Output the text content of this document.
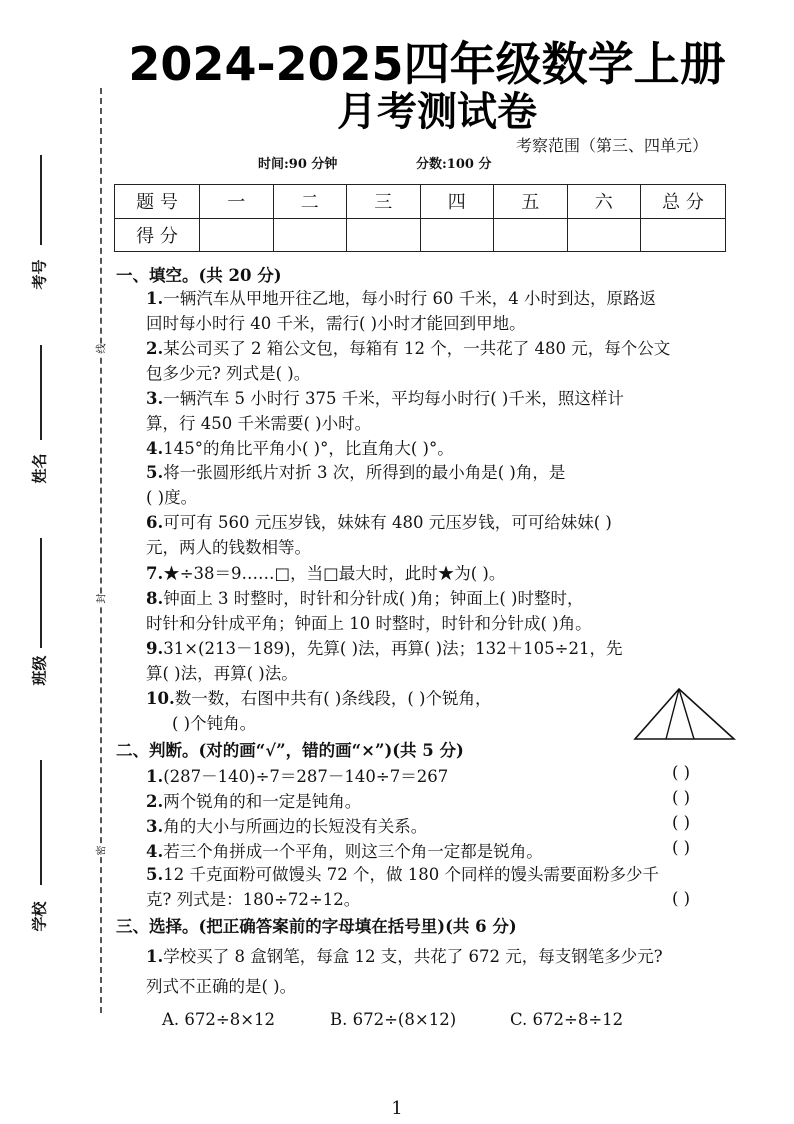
2024-2025四年级数学上册
月考测试卷
考察范围（第三、四单元）
时间:90 分钟	分数:100 分
题 号	一	二	三	四	五	六	总 分
得 分							
考号
姓名
班级
学校
线
封
密
一、填空。(共 20 分)
1.一辆汽车从甲地开往乙地，每小时行 60 千米，4 小时到达，原路返
回时每小时行 40 千米，需行( )小时才能回到甲地。
2.某公司买了 2 箱公文包，每箱有 12 个，一共花了 480 元，每个公文
包多少元? 列式是( )。
3.一辆汽车 5 小时行 375 千米，平均每小时行( )千米，照这样计
算，行 450 千米需要( )小时。
4.145°的角比平角小( )°，比直角大( )°。
5.将一张圆形纸片对折 3 次，所得到的最小角是( )角，是
( )度。
6.可可有 560 元压岁钱，妹妹有 480 元压岁钱，可可给妹妹( )
元，两人的钱数相等。
7.★÷38＝9……□，当□最大时，此时★为( )。
8.钟面上 3 时整时，时针和分针成( )角；钟面上( )时整时，
时针和分针成平角；钟面上 10 时整时，时针和分针成( )角。
9.31×(213－189)，先算( )法，再算( )法；132＋105÷21，先
算( )法，再算( )法。
10.数一数，右图中共有( )条线段，( )个锐角，
( )个钝角。
二、判断。(对的画“√”，错的画“×”)(共 5 分)
1.(287－140)÷7＝287－140÷7＝267	( )
2.两个锐角的和一定是钝角。	( )
3.角的大小与所画边的长短没有关系。	( )
4.若三个角拼成一个平角，则这三个角一定都是锐角。	( )
5.12 千克面粉可做馒头 72 个，做 180 个同样的馒头需要面粉多少千
克? 列式是：180÷72÷12。	( )
三、选择。(把正确答案前的字母填在括号里)(共 6 分)
1.学校买了 8 盒钢笔，每盒 12 支，共花了 672 元，每支钢笔多少元?
列式不正确的是( )。
A. 672÷8×12	B. 672÷(8×12)	C. 672÷8÷12
1
